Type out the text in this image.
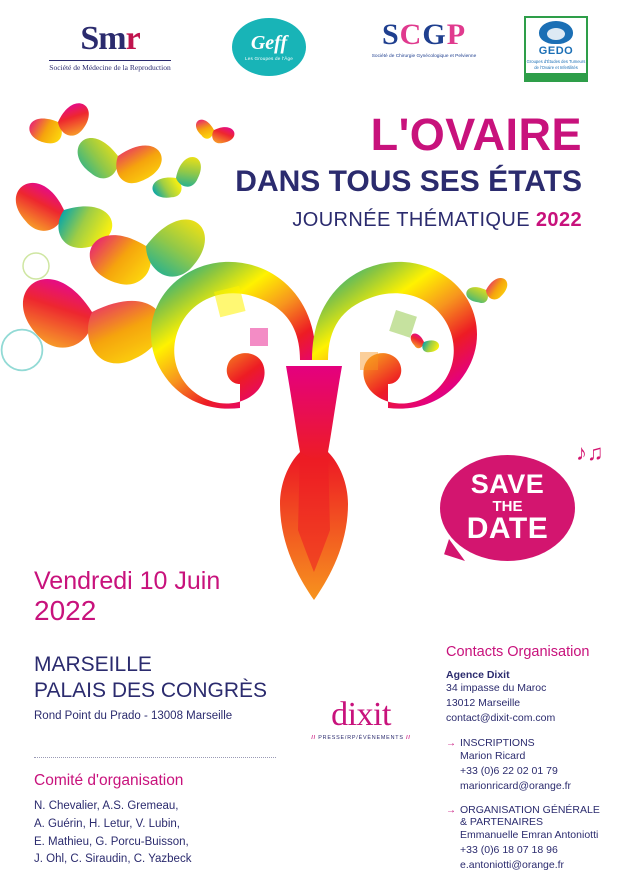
Smr
Société de Médecine de la Reproduction
Geff
Les Groupes de l'Âge
SCGP
Société de Chirurgie Gynécologique et Pelvienne	GEDO
Groupes d'Études des Tumeurs de l'Ovaire et Infertilités
♪♫
L'OVAIRE
DANS TOUS SES ÉTATS
JOURNÉE THÉMATIQUE 2022
SAVE
THE
DATE
Vendredi 10 Juin
2022
MARSEILLE
PALAIS DES CONGRÈS
Rond Point du Prado - 13008 Marseille
Comité d'organisation
N. Chevalier, A.S. Gremeau,
A. Guérin, H. Letur, V. Lubin,
E. Mathieu, G. Porcu-Buisson,
J. Ohl, C. Siraudin, C. Yazbeck
dixit
// PRESSE/RP/ÉVÈNEMENTS //
Contacts Organisation
Agence Dixit
34 impasse du Maroc
13012 Marseille
contact@dixit-com.com
→ INSCRIPTIONS
Marion Ricard
+33 (0)6 22 02 01 79
marionricard@orange.fr
→ ORGANISATION GÉNÉRALE
& PARTENAIRES
Emmanuelle Emran Antoniotti
+33 (0)6 18 07 18 96
e.antoniotti@orange.fr
